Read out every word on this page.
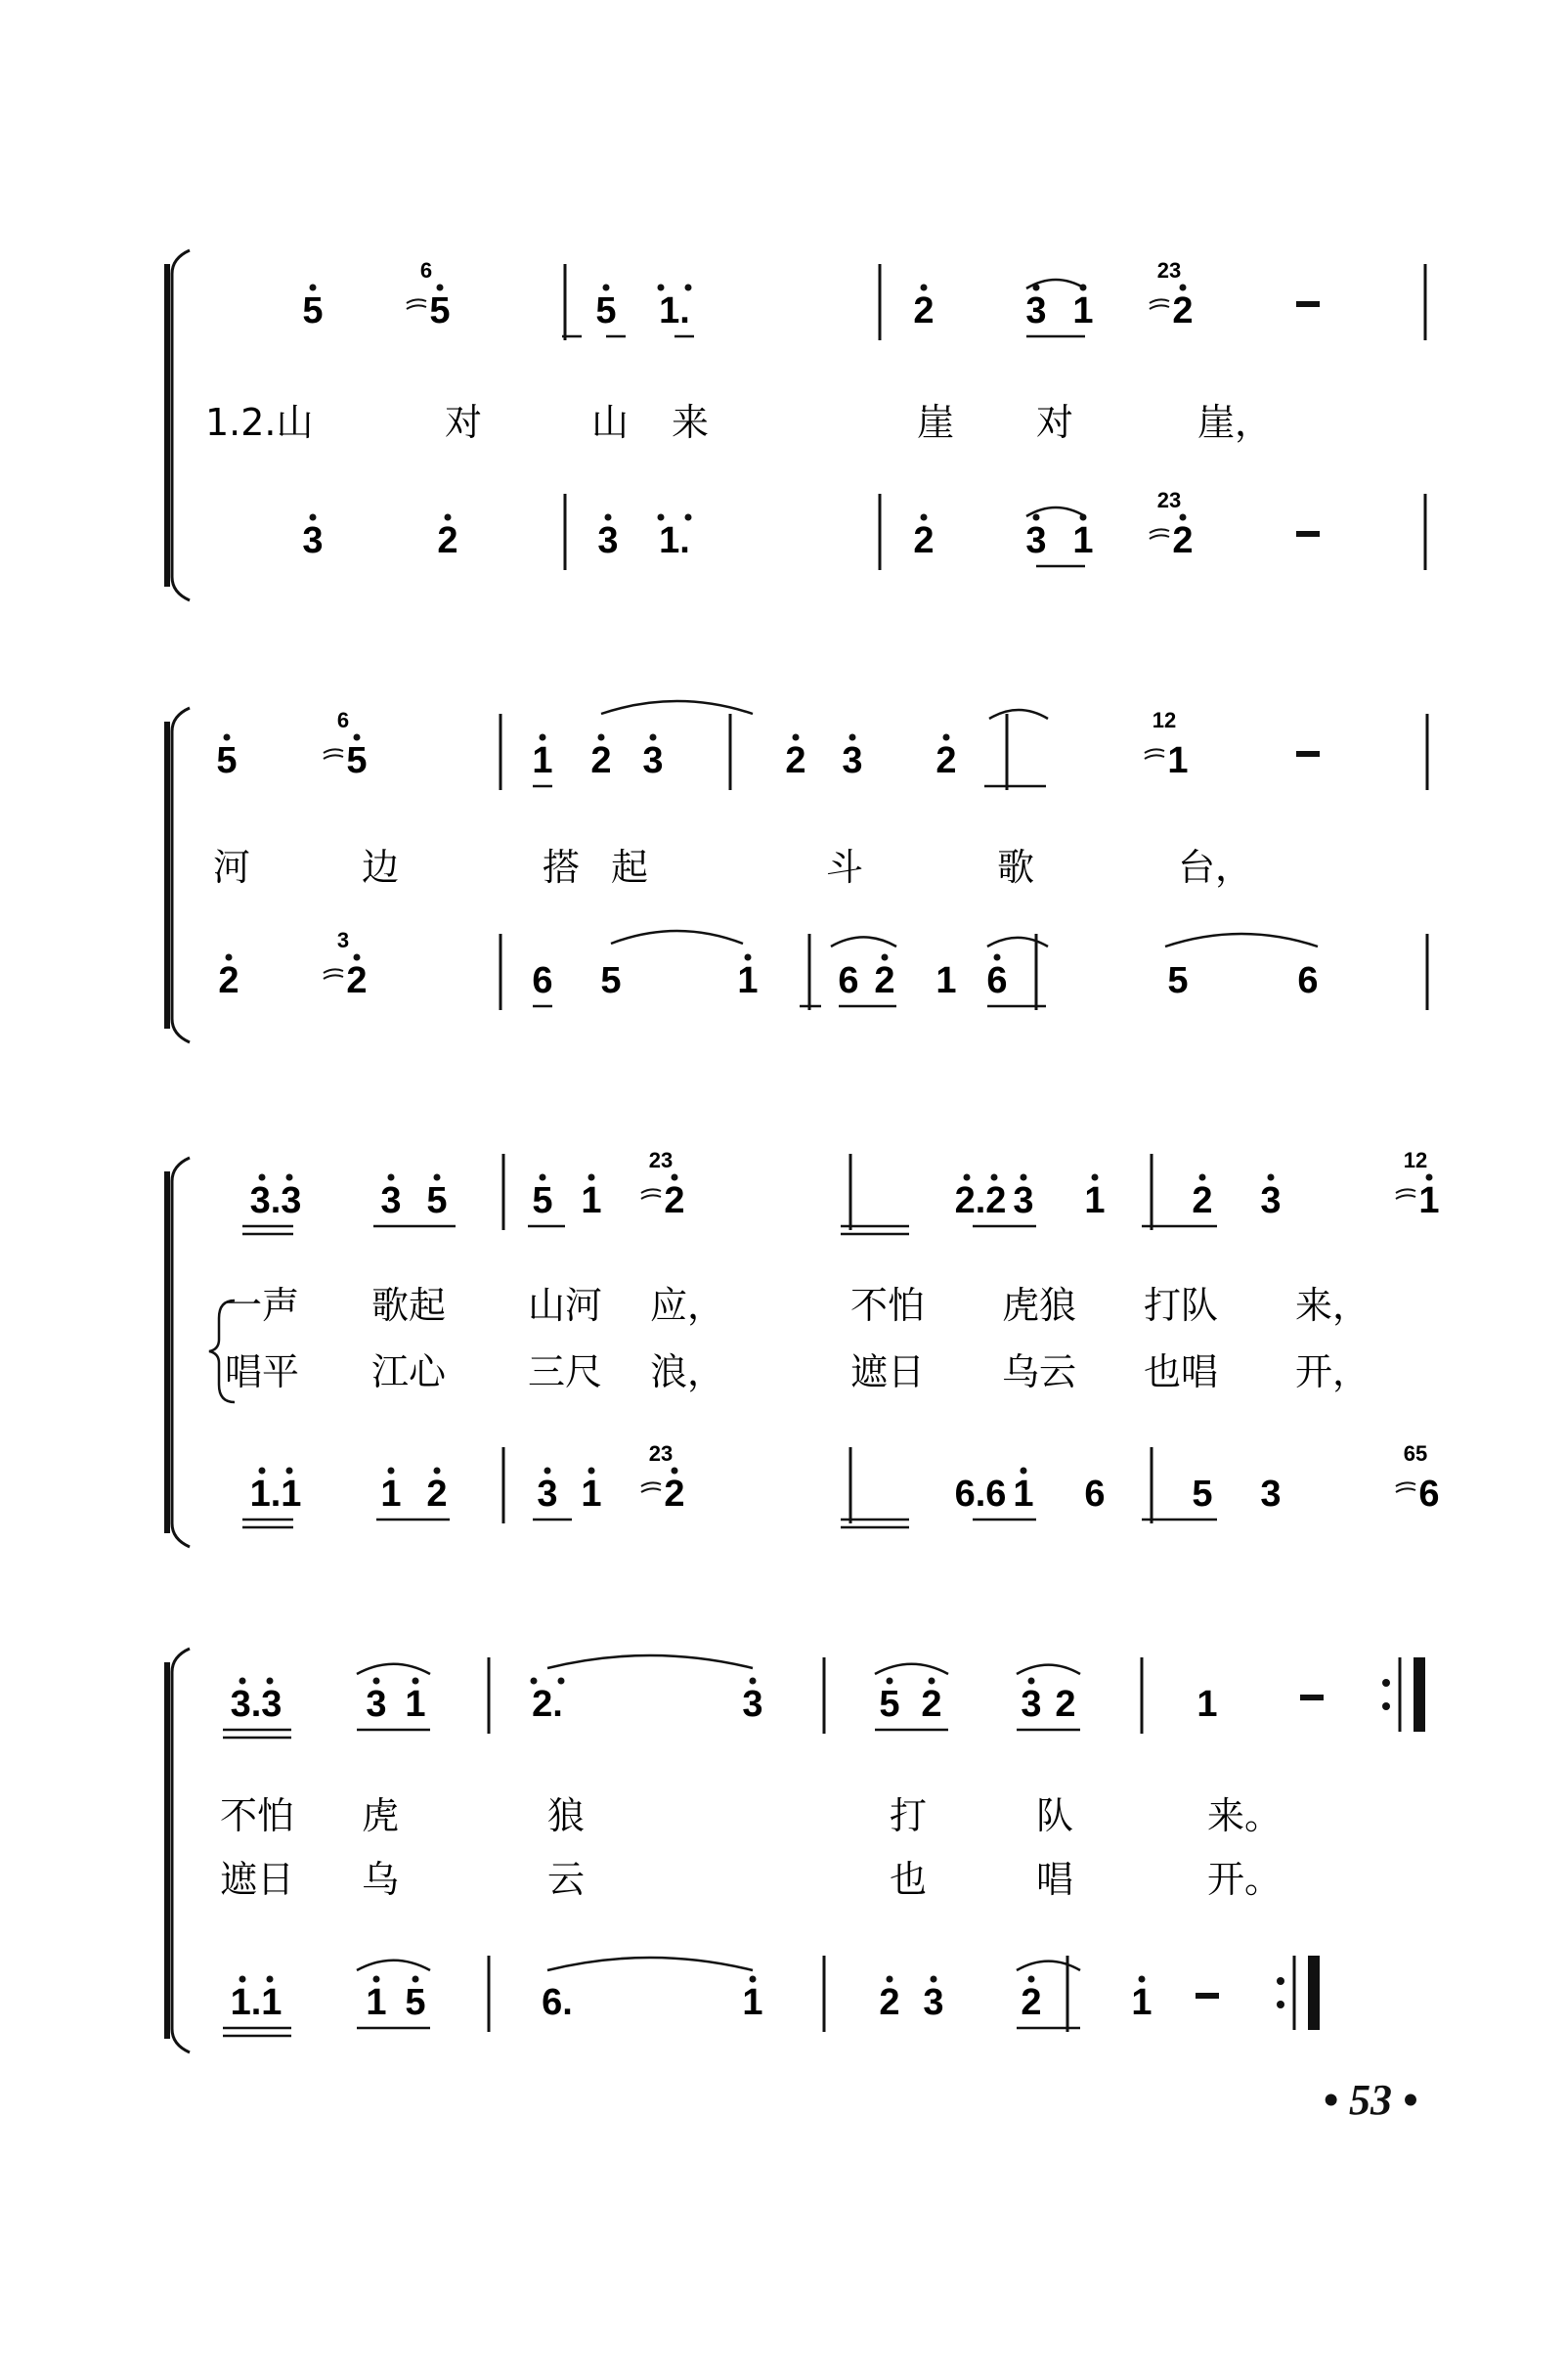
5
6
5	5 1.	2 3 1
23
2
3	2	3 1.	2 3 1
23
2
5
6
5	1 2 3	2 3 2
12
1
2
3
2	6 5	1 6 2 1 6	5	6
3.3 3 5 5 1
23
2	2.2 3 1 2 3
12
1
1.1 1 2 3 1
23
2	6.6 1 6 5 3
65
6
3.3 3 1	2.	3	5 2 3 2	1
1.1 1 5	6.	1	2 3 2 1
1.2.山	对	山 来	崖 对	崖，
河	边	搭 起	斗	歌	台，
一声 歌起 山河 应，	不怕 虎狼 打队 来，
唱平 江心 三尺 浪，	遮日 乌云 也唱 开，
不怕 虎	狼	打	队	来。
遮日 乌	云	也	唱	开。
• 53 •
